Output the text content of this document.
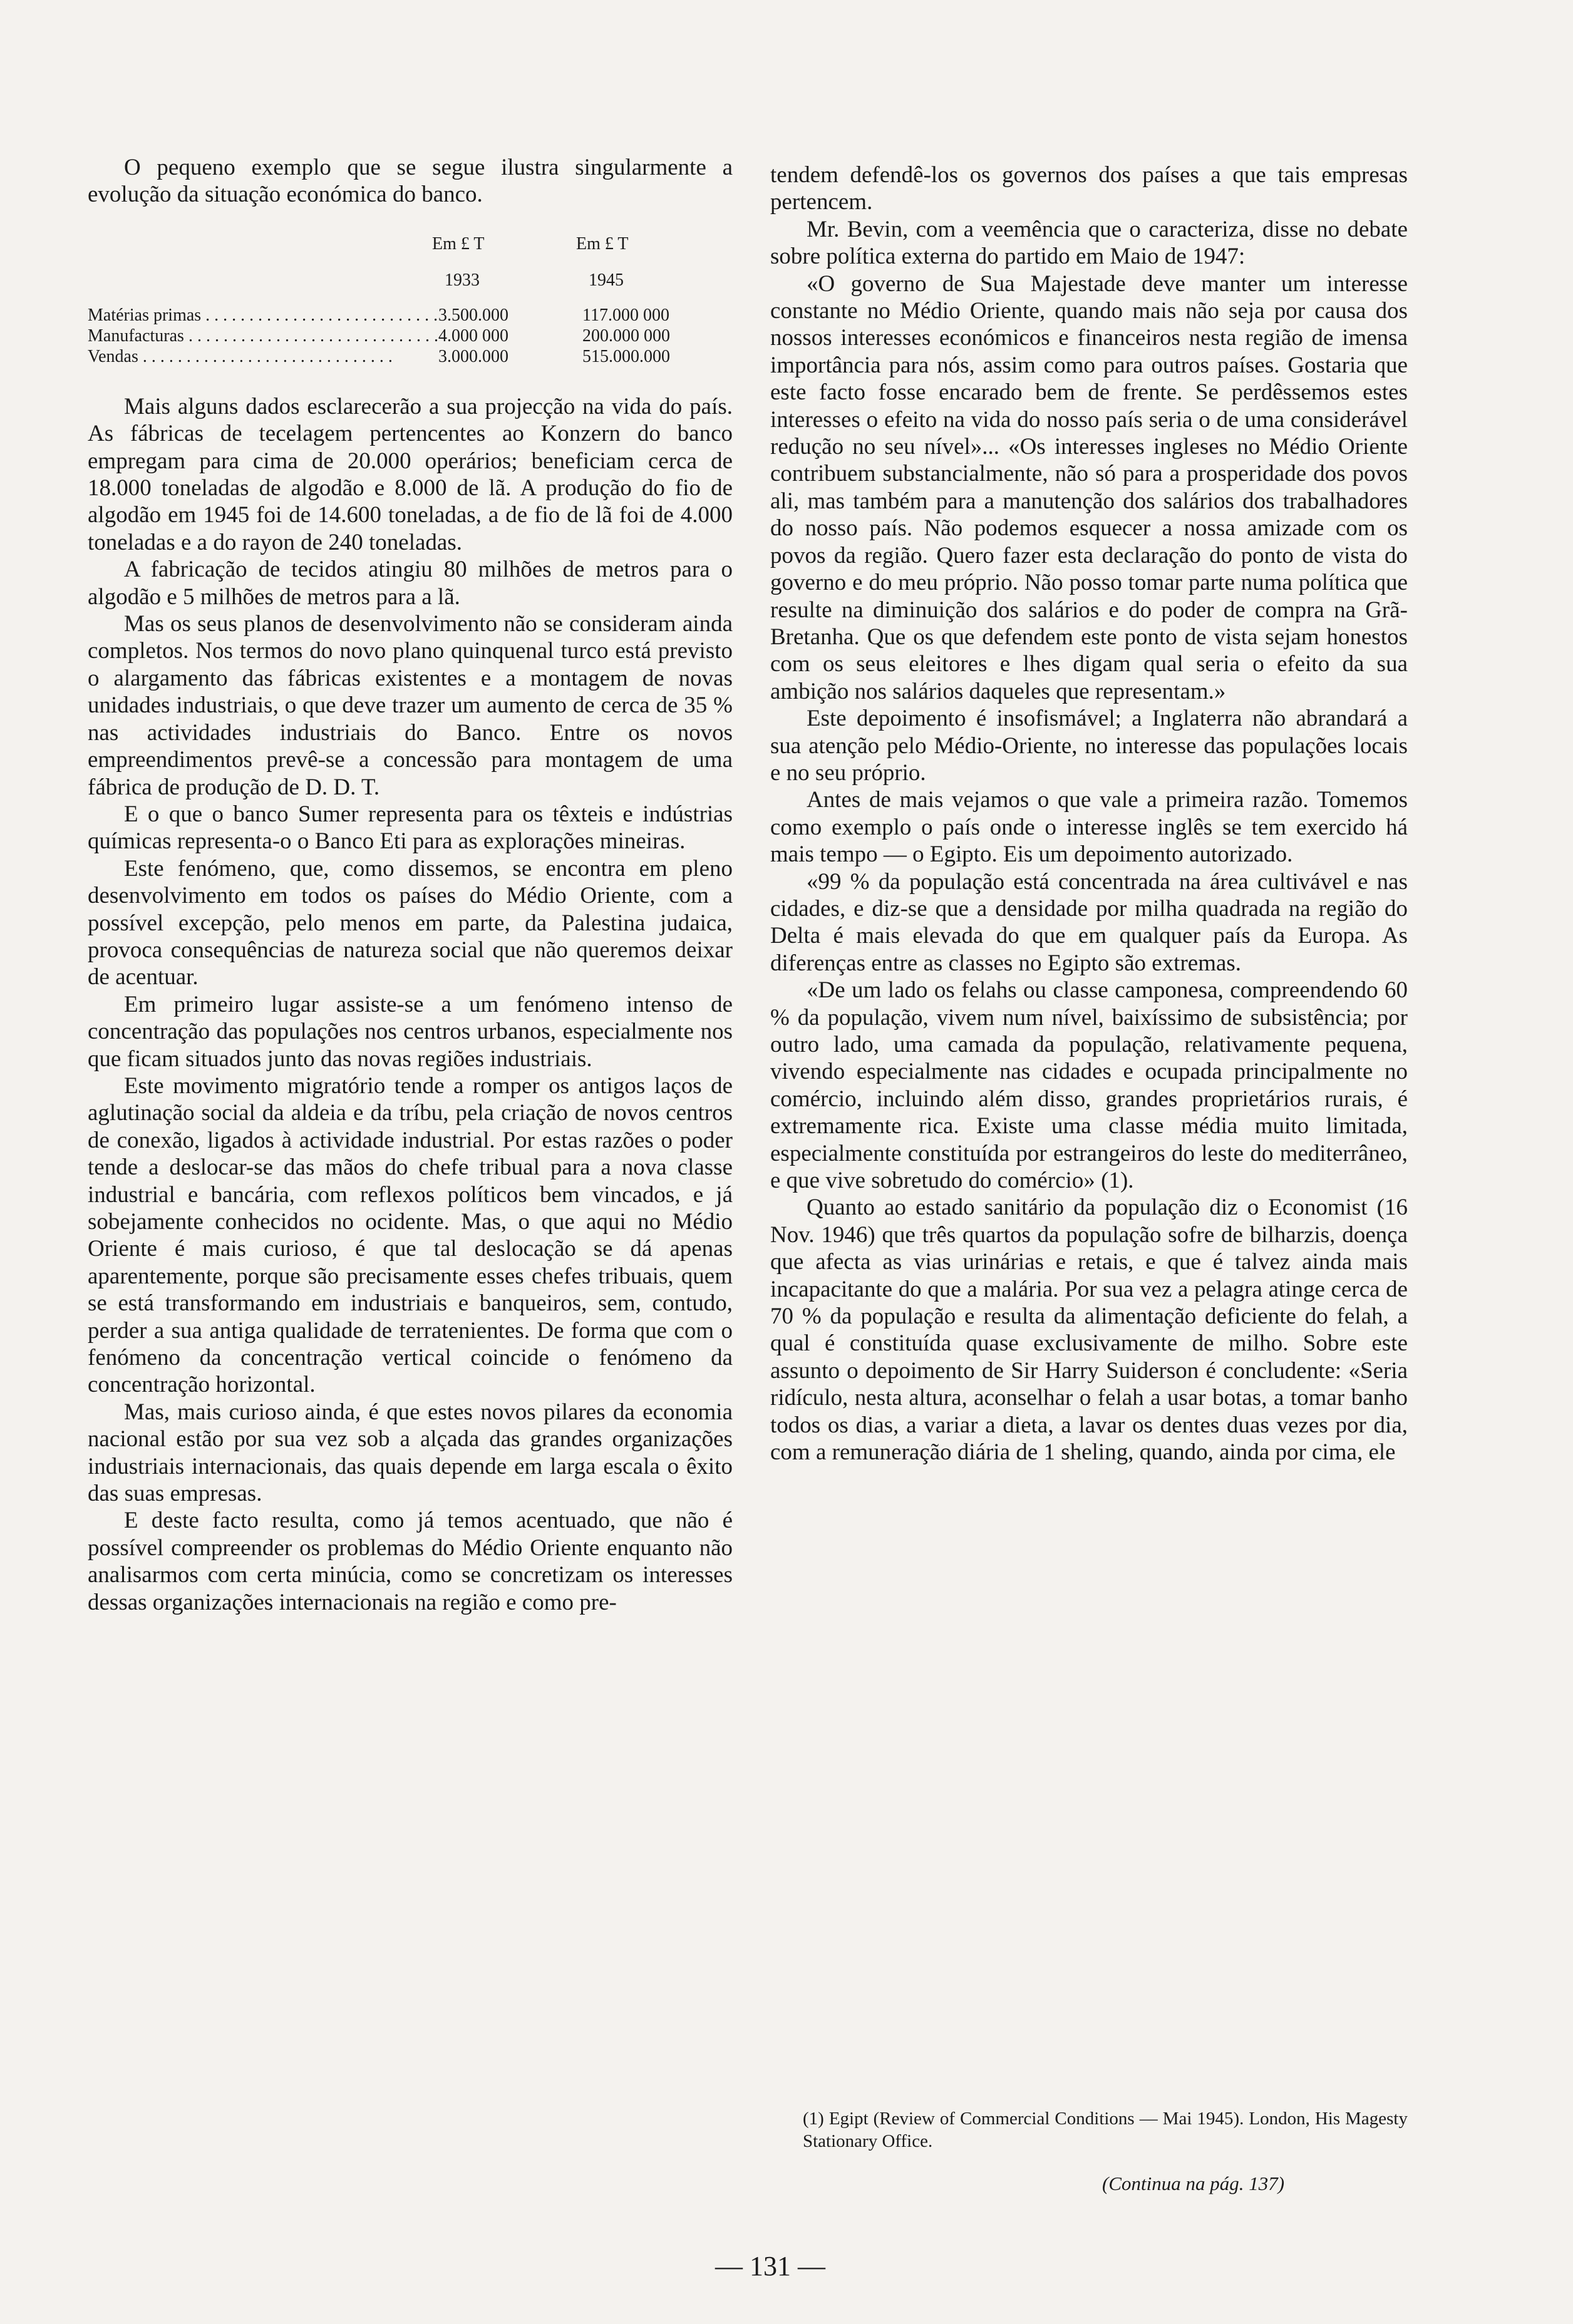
O pequeno exemplo que se segue ilustra singularmente a evolução da situação económica do banco.

Em £ T	Em £ T
1933	1945
Matérias primas . . .	3.500.000	117.000 000
Manufacturas . . .	4.000 000	200.000 000
Vendas . . .	3.000.000	515.000.000

Mais alguns dados esclarecerão a sua projecção na vida do país. As fábricas de tecelagem pertencentes ao Konzern do banco empregam para cima de 20.000 operários; beneficiam cerca de 18.000 toneladas de algodão e 8.000 de lã. A produção do fio de algodão em 1945 foi de 14.600 toneladas, a de fio de lã foi de 4.000 toneladas e a do rayon de 240 toneladas.

A fabricação de tecidos atingiu 80 milhões de metros para o algodão e 5 milhões de metros para a lã.

Mas os seus planos de desenvolvimento não se consideram ainda completos. Nos termos do novo plano quinquenal turco está previsto o alargamento das fábricas existentes e a montagem de novas unidades industriais, o que deve trazer um aumento de cerca de 35 % nas actividades industriais do Banco. Entre os novos empreendimentos prevê-se a concessão para montagem de uma fábrica de produção de D. D. T.

E o que o banco Sumer representa para os têxteis e indústrias químicas representa-o o Banco Eti para as explorações mineiras.

Este fenómeno, que, como dissemos, se encontra em pleno desenvolvimento em todos os países do Médio Oriente, com a possível excepção, pelo menos em parte, da Palestina judaica, provoca consequências de natureza social que não queremos deixar de acentuar.

Em primeiro lugar assiste-se a um fenómeno intenso de concentração das populações nos centros urbanos, especialmente nos que ficam situados junto das novas regiões industriais.

Este movimento migratório tende a romper os antigos laços de aglutinação social da aldeia e da tríbu, pela criação de novos centros de conexão, ligados à actividade industrial. Por estas razões o poder tende a deslocar-se das mãos do chefe tribual para a nova classe industrial e bancária, com reflexos políticos bem vincados, e já sobejamente conhecidos no ocidente. Mas, o que aqui no Médio Oriente é mais curioso, é que tal deslocação se dá apenas aparentemente, porque são precisamente esses chefes tribuais, quem se está transformando em industriais e banqueiros, sem, contudo, perder a sua antiga qualidade de terratenientes. De forma que com o fenómeno da concentração vertical coincide o fenómeno da concentração horizontal.

Mas, mais curioso ainda, é que estes novos pilares da economia nacional estão por sua vez sob a alçada das grandes organizações industriais internacionais, das quais depende em larga escala o êxito das suas empresas.

E deste facto resulta, como já temos acentuado, que não é possível compreender os problemas do Médio Oriente enquanto não analisarmos com certa minúcia, como se concretizam os interesses dessas organizações internacionais na região e como pre-

tendem defendê-los os governos dos países a que tais empresas pertencem.

Mr. Bevin, com a veemência que o caracteriza, disse no debate sobre política externa do partido em Maio de 1947:

«O governo de Sua Majestade deve manter um interesse constante no Médio Oriente, quando mais não seja por causa dos nossos interesses económicos e financeiros nesta região de imensa importância para nós, assim como para outros países. Gostaria que este facto fosse encarado bem de frente. Se perdêssemos estes interesses o efeito na vida do nosso país seria o de uma considerável redução no seu nível»... «Os interesses ingleses no Médio Oriente contribuem substancialmente, não só para a prosperidade dos povos ali, mas também para a manutenção dos salários dos trabalhadores do nosso país. Não podemos esquecer a nossa amizade com os povos da região. Quero fazer esta declaração do ponto de vista do governo e do meu próprio. Não posso tomar parte numa política que resulte na diminuição dos salários e do poder de compra na Grã-Bretanha. Que os que defendem este ponto de vista sejam honestos com os seus eleitores e lhes digam qual seria o efeito da sua ambição nos salários daqueles que representam.»

Este depoimento é insofismável; a Inglaterra não abrandará a sua atenção pelo Médio-Oriente, no interesse das populações locais e no seu próprio.

Antes de mais vejamos o que vale a primeira razão. Tomemos como exemplo o país onde o interesse inglês se tem exercido há mais tempo — o Egipto. Eis um depoimento autorizado.

«99 % da população está concentrada na área cultivável e nas cidades, e diz-se que a densidade por milha quadrada na região do Delta é mais elevada do que em qualquer país da Europa. As diferenças entre as classes no Egipto são extremas.

«De um lado os felahs ou classe camponesa, compreendendo 60 % da população, vivem num nível, baixíssimo de subsistência; por outro lado, uma camada da população, relativamente pequena, vivendo especialmente nas cidades e ocupada principalmente no comércio, incluindo além disso, grandes proprietários rurais, é extremamente rica. Existe uma classe média muito limitada, especialmente constituída por estrangeiros do leste do mediterrâneo, e que vive sobretudo do comércio» (1).

Quanto ao estado sanitário da população diz o Economist (16 Nov. 1946) que três quartos da população sofre de bilharzis, doença que afecta as vias urinárias e retais, e que é talvez ainda mais incapacitante do que a malária. Por sua vez a pelagra atinge cerca de 70 % da população e resulta da alimentação deficiente do felah, a qual é constituída quase exclusivamente de milho. Sobre este assunto o depoimento de Sir Harry Suiderson é concludente: «Seria ridículo, nesta altura, aconselhar o felah a usar botas, a tomar banho todos os dias, a variar a dieta, a lavar os dentes duas vezes por dia, com a remuneração diária de 1 sheling, quando, ainda por cima, ele

(1) Egipt (Review of Commercial Conditions — Mai 1945). London, His Magesty Stationary Office.
(Continua na pág. 137)
— 131 —
